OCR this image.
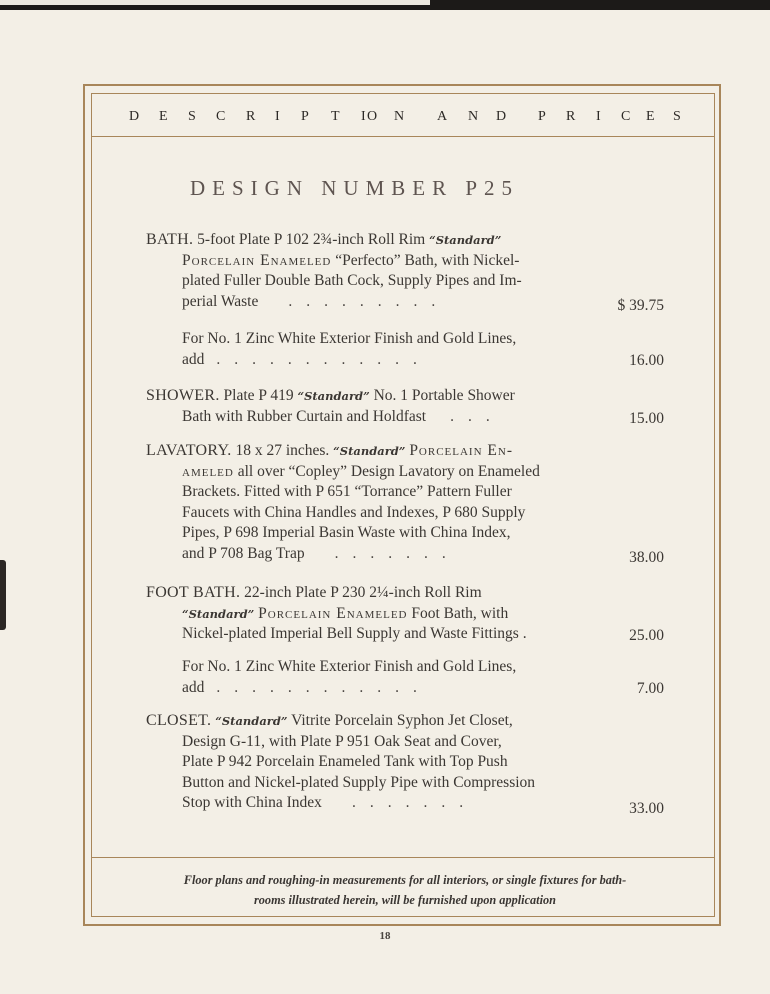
D E S C R I P T I O N A N D P R I C E S
DESIGN NUMBER P25
BATH. 5-foot Plate P 102 2¾-inch Roll Rim “Standard”
Porcelain Enameled “Perfecto” Bath, with Nickel-
plated Fuller Double Bath Cock, Supply Pipes and Im-
perial Waste .........	$ 39.75
For No. 1 Zinc White Exterior Finish and Gold Lines,
add ............	16.00
SHOWER. Plate P 419 “Standard” No. 1 Portable Shower
Bath with Rubber Curtain and Holdfast ...	15.00
LAVATORY. 18 x 27 inches. “Standard” Porcelain En-
ameled all over “Copley” Design Lavatory on Enameled
Brackets. Fitted with P 651 “Torrance” Pattern Fuller
Faucets with China Handles and Indexes, P 680 Supply
Pipes, P 698 Imperial Basin Waste with China Index,
and P 708 Bag Trap .......	38.00
FOOT BATH. 22-inch Plate P 230 2¼-inch Roll Rim
“Standard” Porcelain Enameled Foot Bath, with
Nickel-plated Imperial Bell Supply and Waste Fittings .	25.00
For No. 1 Zinc White Exterior Finish and Gold Lines,
add ............	7.00
CLOSET. “Standard” Vitrite Porcelain Syphon Jet Closet,
Design G-11, with Plate P 951 Oak Seat and Cover,
Plate P 942 Porcelain Enameled Tank with Top Push
Button and Nickel-plated Supply Pipe with Compression
Stop with China Index .......	33.00
Floor plans and roughing-in measurements for all interiors, or single fixtures for bath-
rooms illustrated herein, will be furnished upon application
18
